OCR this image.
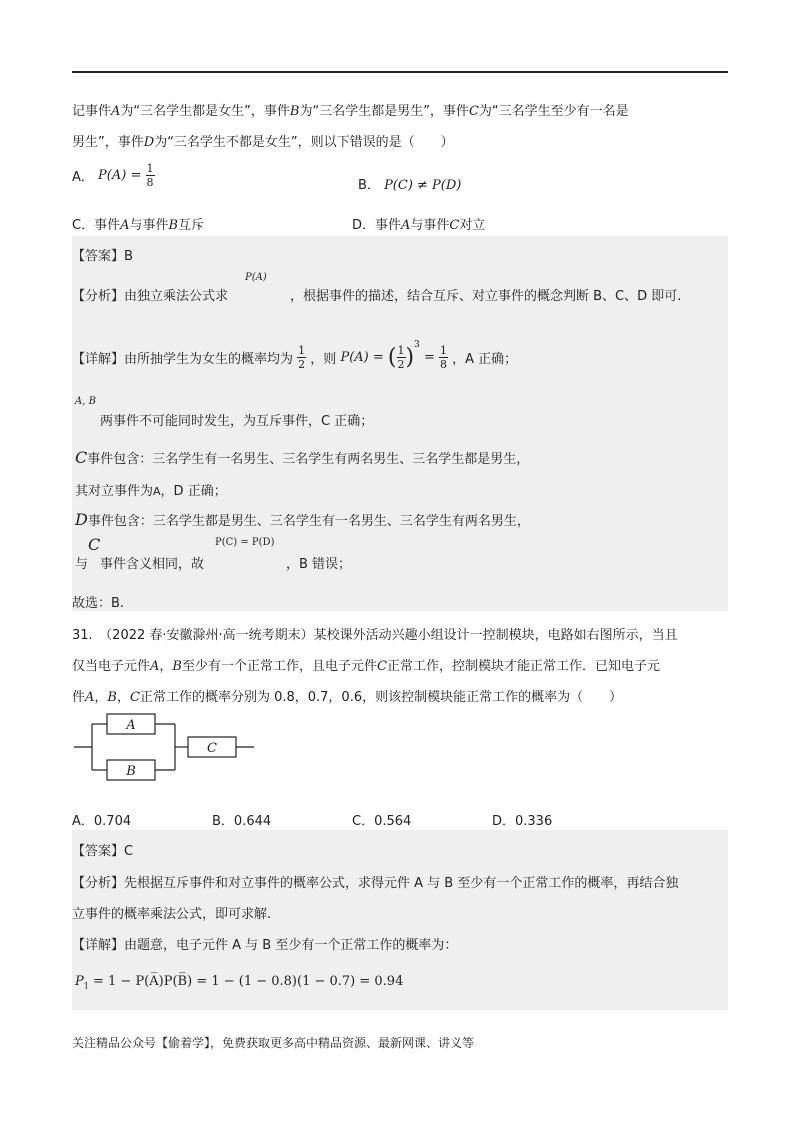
记事件A为“三名学生都是女生”，事件B为“三名学生都是男生”，事件C为“三名学生至少有一名是
男生”，事件D为“三名学生不都是女生”，则以下错误的是（　　）
A． $P(A) = \frac{1}{8}$	B． P(C) ≠ P(D)
C．事件A与事件B互斥	D．事件A与事件C对立
【答案】B
【分析】由独立乘法公式求
P(A)
，根据事件的描述，结合互斥、对立事件的概念判断 B、C、D 即可.
【详解】由所抽学生为女生的概率均为 $\frac{1}{2}$ ，则 P(A) = ( $\frac{1}{2} )^3 = \frac{1}{8}$ ，A 正确；
A, B
两事件不可能同时发生，为互斥事件，C 正确；
C事件包含：三名学生有一名男生、三名学生有两名男生、三名学生都是男生，
其对立事件为A，D 正确；
D事件包含：三名学生都是男生、三名学生有一名男生、三名学生有两名男生，
C
与 事件含义相同，故
P(C) = P(D)
，B 错误；
故选：B.
31.　（2022 春·安徽滁州·高一统考期末）某校课外活动兴趣小组设计一控制模块，电路如右图所示，当且
仅当电子元件A，B至少有一个正常工作，且电子元件C正常工作，控制模块才能正常工作．已知电子元
件A，B，C正常工作的概率分别为 0.8，0.7，0.6，则该控制模块能正常工作的概率为（　　）
A
B
C
A．0.704	B．0.644	C．0.564	D．0.336
【答案】C
【分析】先根据互斥事件和对立事件的概率公式，求得元件 A 与 B 至少有一个正常工作的概率，再结合独
立事件的概率乘法公式，即可求解.
【详解】由题意，电子元件 A 与 B 至少有一个正常工作的概率为：
$P_1 = 1$ − P(A̅)P(B̅) = 1 − (1 − 0.8)(1 − 0.7) = 0.94
关注精品公众号【偷着学】，免费获取更多高中精品资源、最新网课、讲义等
